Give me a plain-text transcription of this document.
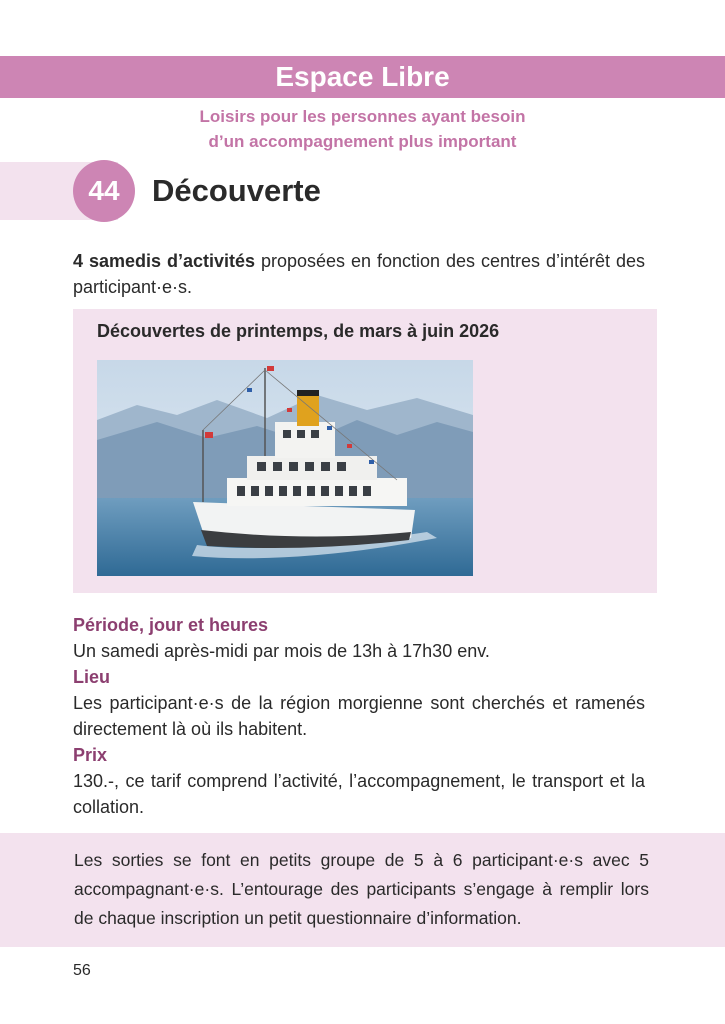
Espace Libre
Loisirs pour les personnes ayant besoin
d’un accompagnement plus important
44	Découverte
4 samedis d’activités proposées en fonction des centres d’intérêt des participant·e·s.
Découvertes de printemps, de mars à juin 2026
Période, jour et heures
Un samedi après-midi par mois de 13h à 17h30 env.
Lieu
Les participant·e·s de la région morgienne sont cherchés et ramenés directement là où ils habitent.
Prix
130.-, ce tarif comprend l’activité, l’accompagnement, le transport et la collation.
Les sorties se font en petits groupe de 5 à 6 participant·e·s avec 5 accompagnant·e·s. L’entourage des participants s’engage à remplir lors de chaque inscription un petit questionnaire d’information.
56
